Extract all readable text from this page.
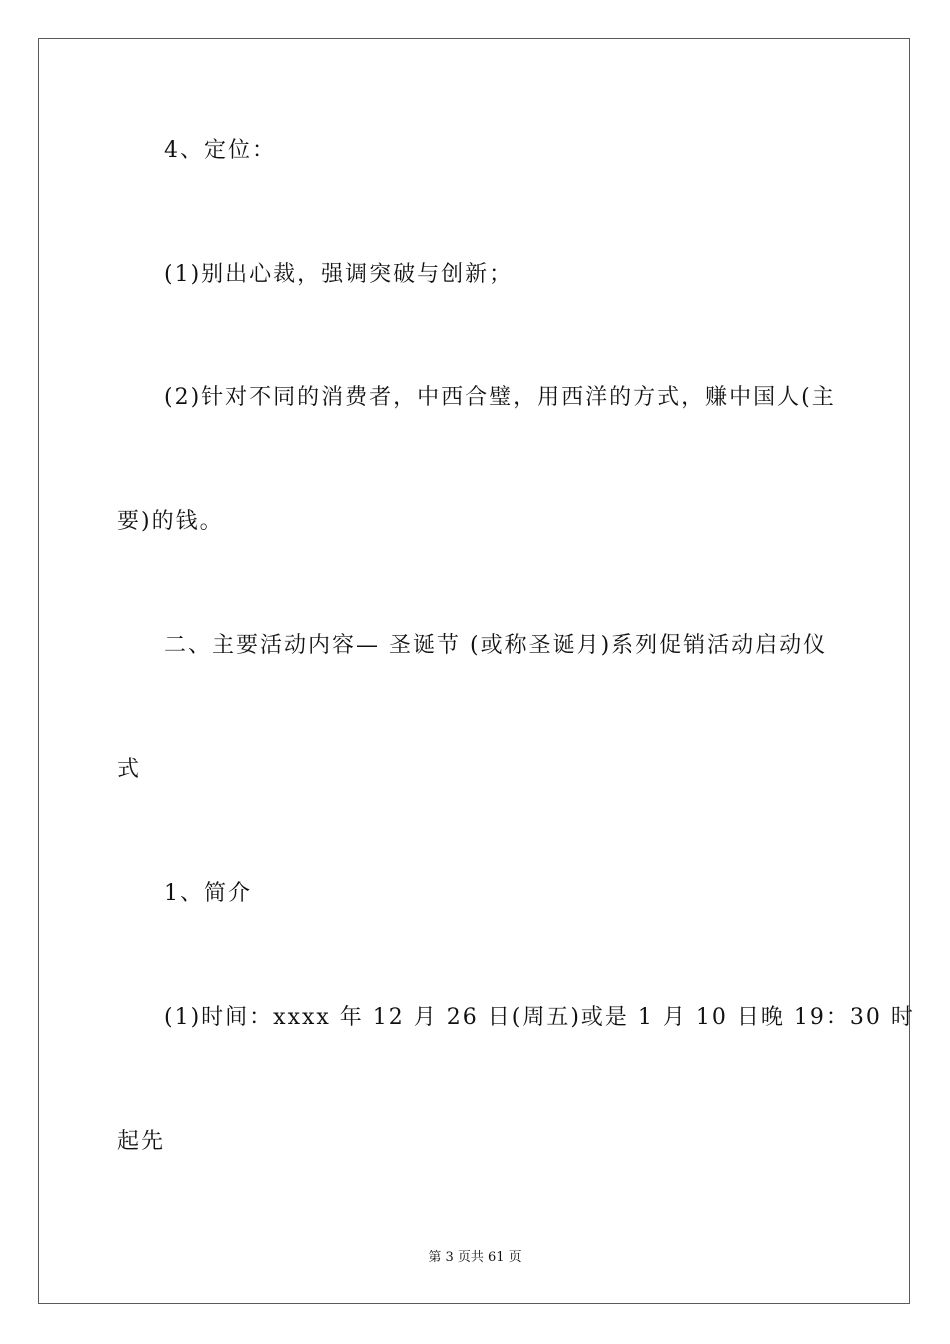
4、定位：

(1)别出心裁，强调突破与创新；

(2)针对不同的消费者，中西合璧，用西洋的方式，赚中国人(主

要)的钱。

二、主要活动内容— 圣诞节 (或称圣诞月)系列促销活动启动仪

式

1、简介

(1)时间：xxxx 年 12 月 26 日(周五)或是 1 月 10 日晚 19：30 时

起先

第 3 页共 61 页
